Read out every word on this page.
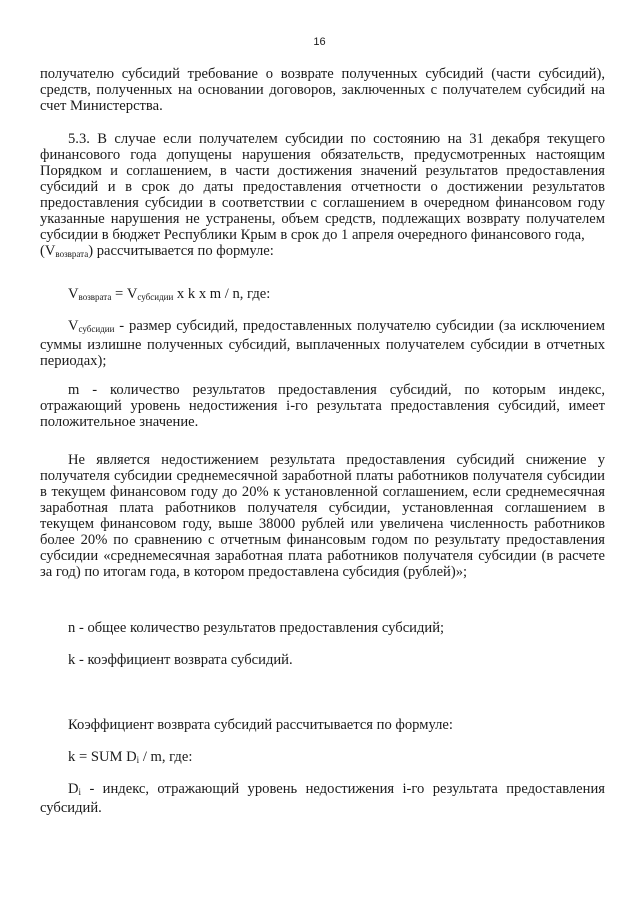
16

получателю субсидий требование о возврате полученных субсидий (части субсидий), средств, полученных на основании договоров, заключенных с получателем субсидий на счет Министерства.

5.3. В случае если получателем субсидии по состоянию на 31 декабря текущего финансового года допущены нарушения обязательств, предусмотренных настоящим Порядком и соглашением, в части достижения значений результатов предоставления субсидий и в срок до даты предоставления отчетности о достижении результатов предоставления субсидии в соответствии с соглашением в очередном финансовом году указанные нарушения не устранены, объем средств, подлежащих возврату получателем субсидии в бюджет Республики Крым в срок до 1 апреля очередного финансового года,
$(V_{возврата})$ рассчитывается по формуле:

$V_{возврата} = V_{субсидии}$ x k x m / n, где:

$V_{субсидии}$ - размер субсидий, предоставленных получателю субсидии (за исключением суммы излишне полученных субсидий, выплаченных получателем субсидии в отчетных периодах);

m - количество результатов предоставления субсидий, по которым индекс, отражающий уровень недостижения i-го результата предоставления субсидий, имеет положительное значение.

Не является недостижением результата предоставления субсидий снижение у получателя субсидии среднемесячной заработной платы работников получателя субсидии в текущем финансовом году до 20% к установленной соглашением, если среднемесячная заработная плата работников получателя субсидии, установленная соглашением в текущем финансовом году, выше 38000 рублей или увеличена численность работников более 20% по сравнению с отчетным финансовым годом по результату предоставления субсидии «среднемесячная заработная плата работников получателя субсидии (в расчете за год) по итогам года, в котором предоставлена субсидия (рублей)»;

n - общее количество результатов предоставления субсидий;

k - коэффициент возврата субсидий.

Коэффициент возврата субсидий рассчитывается по формуле:

k = SUM $D_i$ / m, где:

$D_i$ - индекс, отражающий уровень недостижения i-го результата предоставления субсидий.
